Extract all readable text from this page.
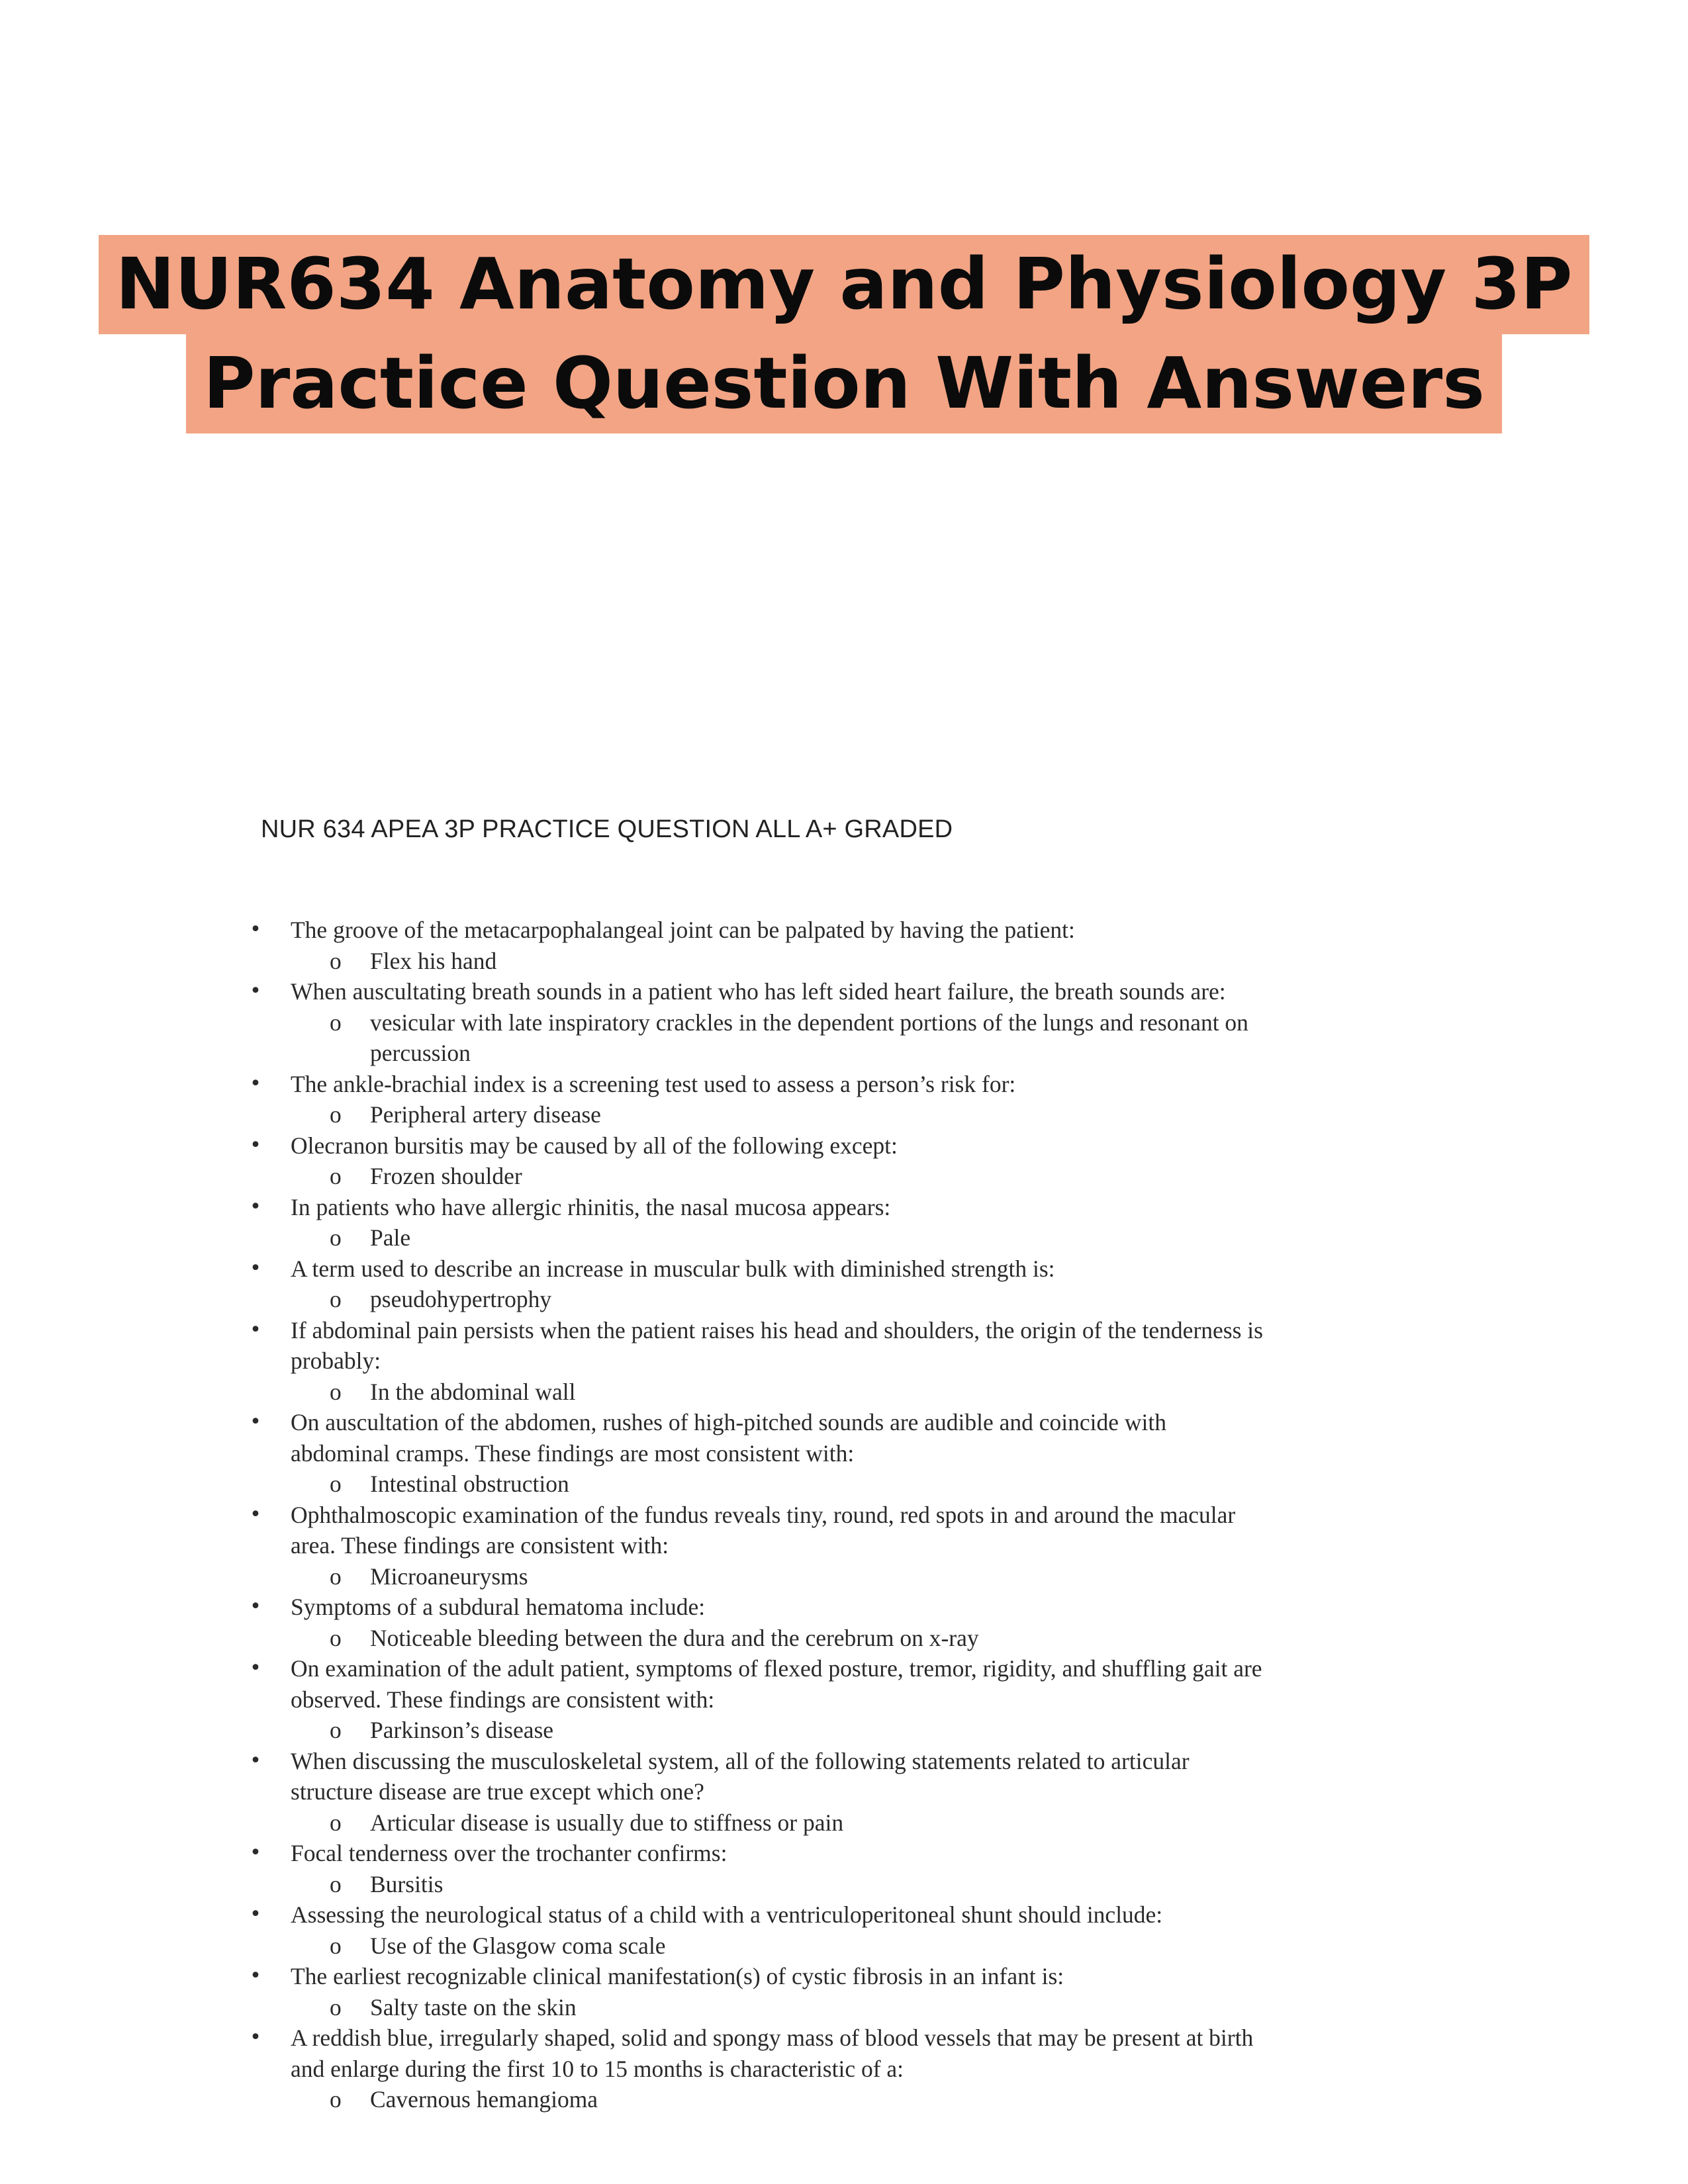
NUR634 Anatomy and Physiology 3P
Practice Question With Answers
NUR 634 APEA 3P PRACTICE QUESTION ALL A+ GRADED
• The groove of the metacarpophalangeal joint can be palpated by having the patient:
o Flex his hand
• When auscultating breath sounds in a patient who has left sided heart failure, the breath sounds are:
o vesicular with late inspiratory crackles in the dependent portions of the lungs and resonant on percussion
• The ankle-brachial index is a screening test used to assess a person’s risk for:
o Peripheral artery disease
• Olecranon bursitis may be caused by all of the following except:
o Frozen shoulder
• In patients who have allergic rhinitis, the nasal mucosa appears:
o Pale
• A term used to describe an increase in muscular bulk with diminished strength is:
o pseudohypertrophy
• If abdominal pain persists when the patient raises his head and shoulders, the origin of the tenderness is probably:
o In the abdominal wall
• On auscultation of the abdomen, rushes of high-pitched sounds are audible and coincide with abdominal cramps. These findings are most consistent with:
o Intestinal obstruction
• Ophthalmoscopic examination of the fundus reveals tiny, round, red spots in and around the macular area. These findings are consistent with:
o Microaneurysms
• Symptoms of a subdural hematoma include:
o Noticeable bleeding between the dura and the cerebrum on x-ray
• On examination of the adult patient, symptoms of flexed posture, tremor, rigidity, and shuffling gait are observed. These findings are consistent with:
o Parkinson’s disease
• When discussing the musculoskeletal system, all of the following statements related to articular structure disease are true except which one?
o Articular disease is usually due to stiffness or pain
• Focal tenderness over the trochanter confirms:
o Bursitis
• Assessing the neurological status of a child with a ventriculoperitoneal shunt should include:
o Use of the Glasgow coma scale
• The earliest recognizable clinical manifestation(s) of cystic fibrosis in an infant is:
o Salty taste on the skin
• A reddish blue, irregularly shaped, solid and spongy mass of blood vessels that may be present at birth and enlarge during the first 10 to 15 months is characteristic of a:
o Cavernous hemangioma
